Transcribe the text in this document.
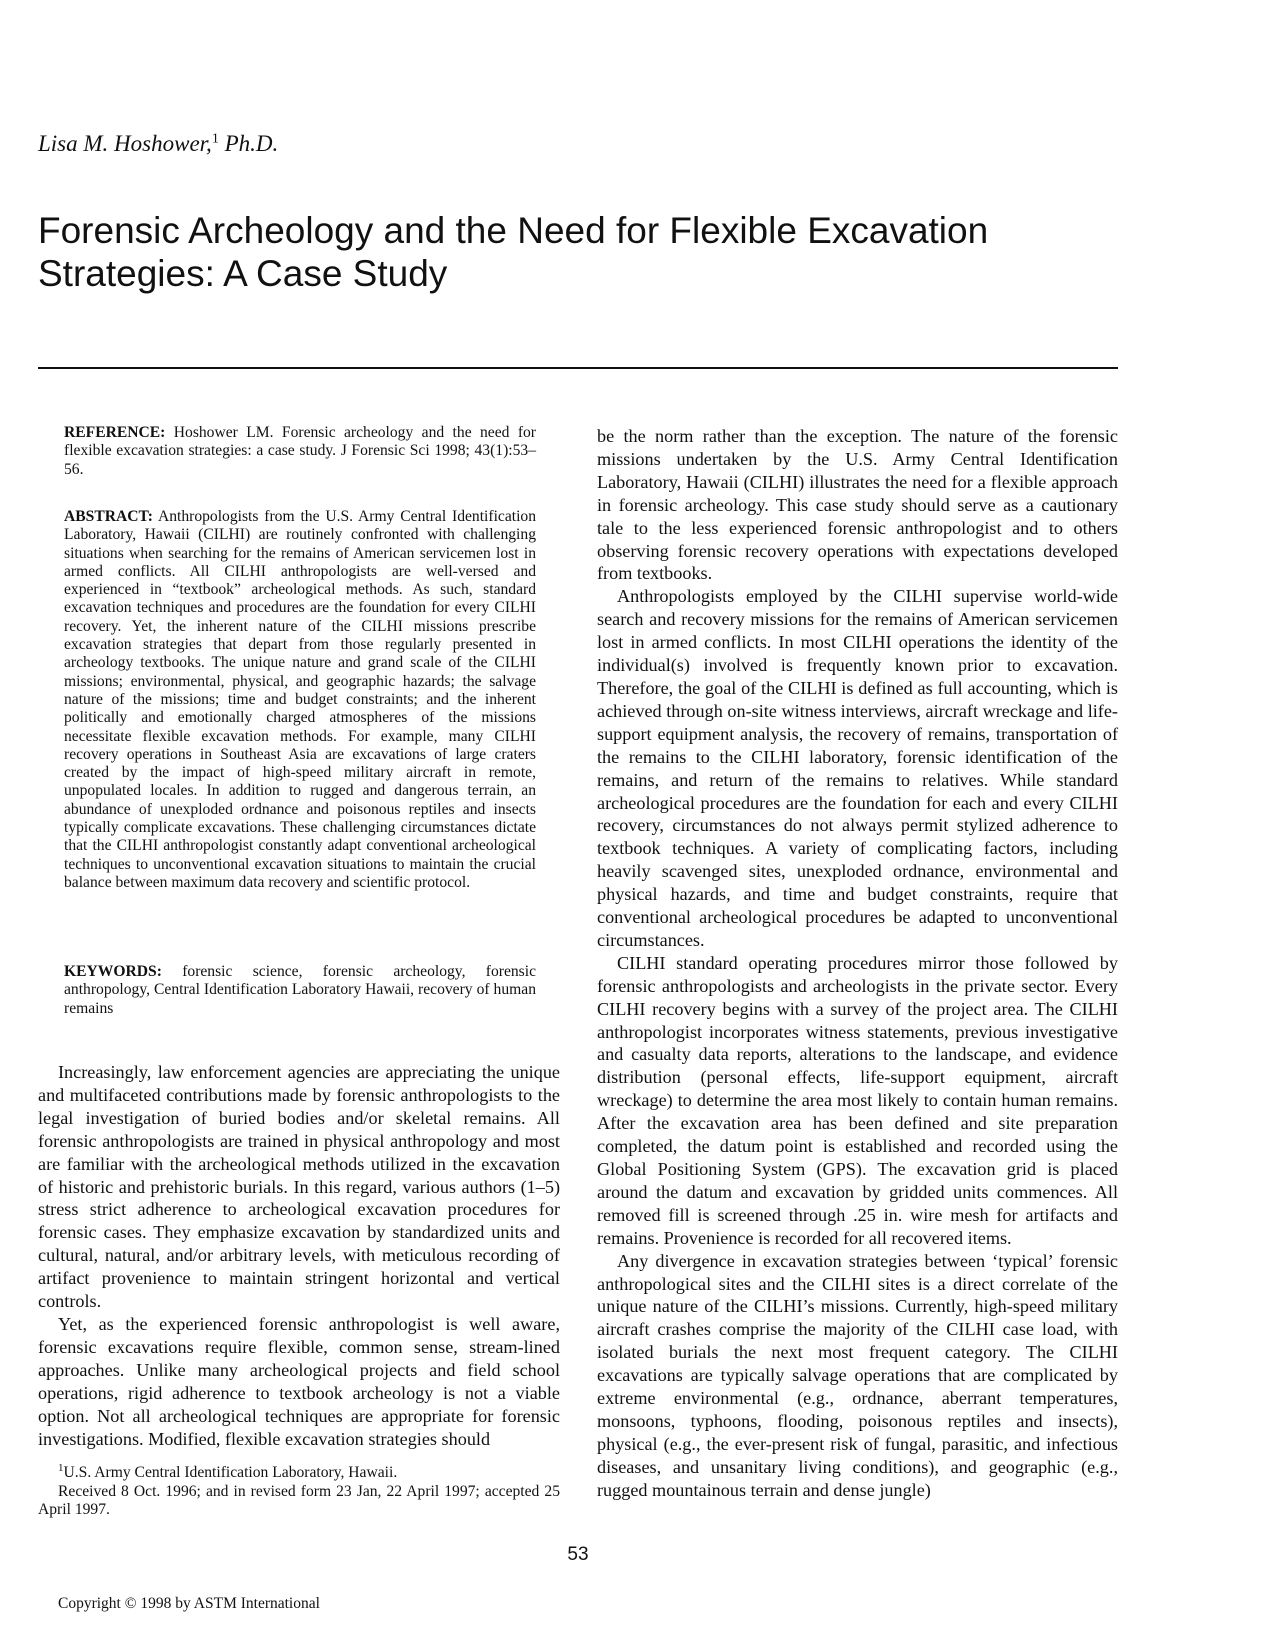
Lisa M. Hoshower,$^1$ Ph.D.
Forensic Archeology and the Need for Flexible Excavation Strategies: A Case Study
REFERENCE: Hoshower LM. Forensic archeology and the need for flexible excavation strategies: a case study. J Forensic Sci 1998; 43(1):53–56.
ABSTRACT: Anthropologists from the U.S. Army Central Identification Laboratory, Hawaii (CILHI) are routinely confronted with challenging situations when searching for the remains of American servicemen lost in armed conflicts. All CILHI anthropologists are well-versed and experienced in “textbook” archeological methods. As such, standard excavation techniques and procedures are the foundation for every CILHI recovery. Yet, the inherent nature of the CILHI missions prescribe excavation strategies that depart from those regularly presented in archeology textbooks. The unique nature and grand scale of the CILHI missions; environmental, physical, and geographic hazards; the salvage nature of the missions; time and budget constraints; and the inherent politically and emotionally charged atmospheres of the missions necessitate flexible excavation methods. For example, many CILHI recovery operations in Southeast Asia are excavations of large craters created by the impact of high-speed military aircraft in remote, unpopulated locales. In addition to rugged and dangerous terrain, an abundance of unexploded ordnance and poisonous reptiles and insects typically complicate excavations. These challenging circumstances dictate that the CILHI anthropologist constantly adapt conventional archeological techniques to unconventional excavation situations to maintain the crucial balance between maximum data recovery and scientific protocol.
KEYWORDS: forensic science, forensic archeology, forensic anthropology, Central Identification Laboratory Hawaii, recovery of human remains

Increasingly, law enforcement agencies are appreciating the unique and multifaceted contributions made by forensic anthropologists to the legal investigation of buried bodies and/or skeletal remains. All forensic anthropologists are trained in physical anthropology and most are familiar with the archeological methods utilized in the excavation of historic and prehistoric burials. In this regard, various authors (1–5) stress strict adherence to archeological excavation procedures for forensic cases. They emphasize excavation by standardized units and cultural, natural, and/or arbitrary levels, with meticulous recording of artifact provenience to maintain stringent horizontal and vertical controls.

Yet, as the experienced forensic anthropologist is well aware, forensic excavations require flexible, common sense, stream-lined approaches. Unlike many archeological projects and field school operations, rigid adherence to textbook archeology is not a viable option. Not all archeological techniques are appropriate for forensic investigations. Modified, flexible excavation strategies should

be the norm rather than the exception. The nature of the forensic missions undertaken by the U.S. Army Central Identification Laboratory, Hawaii (CILHI) illustrates the need for a flexible approach in forensic archeology. This case study should serve as a cautionary tale to the less experienced forensic anthropologist and to others observing forensic recovery operations with expectations developed from textbooks.

Anthropologists employed by the CILHI supervise world-wide search and recovery missions for the remains of American servicemen lost in armed conflicts. In most CILHI operations the identity of the individual(s) involved is frequently known prior to excavation. Therefore, the goal of the CILHI is defined as full accounting, which is achieved through on-site witness interviews, aircraft wreckage and life-support equipment analysis, the recovery of remains, transportation of the remains to the CILHI laboratory, forensic identification of the remains, and return of the remains to relatives. While standard archeological procedures are the foundation for each and every CILHI recovery, circumstances do not always permit stylized adherence to textbook techniques. A variety of complicating factors, including heavily scavenged sites, unexploded ordnance, environmental and physical hazards, and time and budget constraints, require that conventional archeological procedures be adapted to unconventional circumstances.

CILHI standard operating procedures mirror those followed by forensic anthropologists and archeologists in the private sector. Every CILHI recovery begins with a survey of the project area. The CILHI anthropologist incorporates witness statements, previous investigative and casualty data reports, alterations to the landscape, and evidence distribution (personal effects, life-support equipment, aircraft wreckage) to determine the area most likely to contain human remains. After the excavation area has been defined and site preparation completed, the datum point is established and recorded using the Global Positioning System (GPS). The excavation grid is placed around the datum and excavation by gridded units commences. All removed fill is screened through .25 in. wire mesh for artifacts and remains. Provenience is recorded for all recovered items.

Any divergence in excavation strategies between ‘typical’ forensic anthropological sites and the CILHI sites is a direct correlate of the unique nature of the CILHI’s missions. Currently, high-speed military aircraft crashes comprise the majority of the CILHI case load, with isolated burials the next most frequent category. The CILHI excavations are typically salvage operations that are complicated by extreme environmental (e.g., ordnance, aberrant temperatures, monsoons, typhoons, flooding, poisonous reptiles and insects), physical (e.g., the ever-present risk of fungal, parasitic, and infectious diseases, and unsanitary living conditions), and geographic (e.g., rugged mountainous terrain and dense jungle)

$^1$U.S. Army Central Identification Laboratory, Hawaii.

Received 8 Oct. 1996; and in revised form 23 Jan, 22 April 1997; accepted 25 April 1997.

53
Copyright © 1998 by ASTM International
